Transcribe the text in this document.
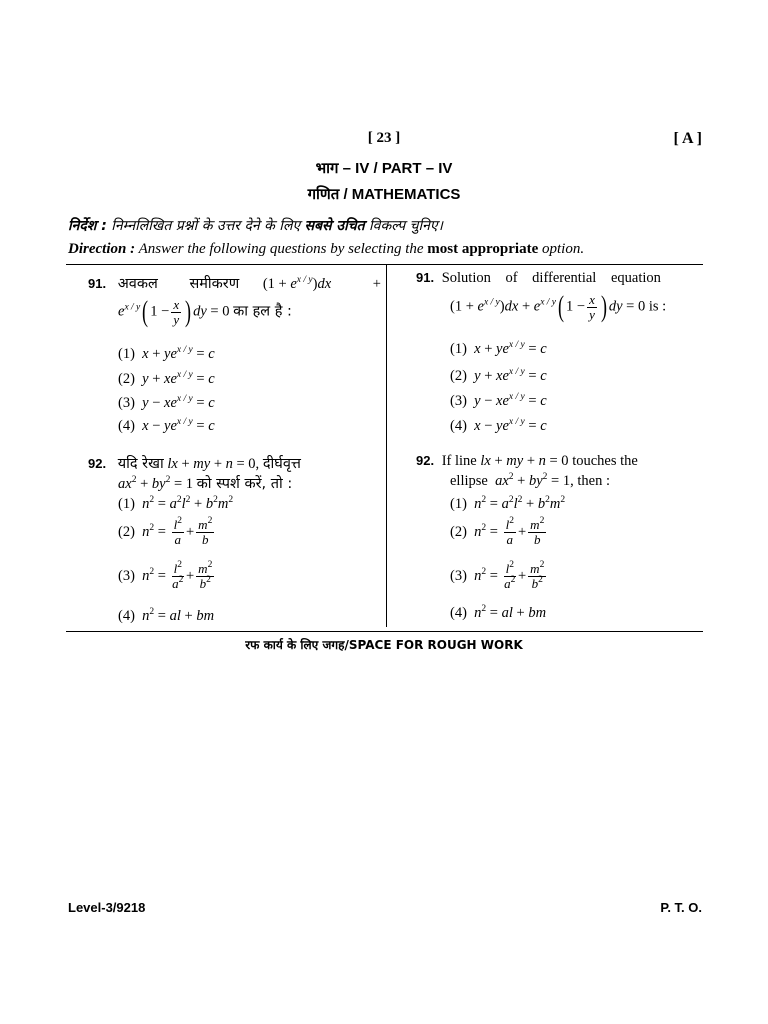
[ 23 ]	[ A ]
भाग – IV / PART – IV
गणित / MATHEMATICS
निर्देश : निम्नलिखित प्रश्नों के उत्तर देने के लिए सबसे उचित विकल्प चुनिए।
Direction : Answer the following questions by selecting the most appropriate option.
91. अवकल समीकरण $(1 + e^{x / y})dx$	+
$e^{x / y}$( $1 - \frac{x}{y}$ ) dy = 0 का हल है :
(1) $x + ye^{x / y} = c$
(2) $y + xe^{x / y} = c$
(3) $y - xe^{x / y} = c$
(4) $x - ye^{x / y} = c$
92. यदि रेखा lx + my + n = 0, दीर्घवृत्त
$ax^2 + by^2 = 1$ को स्पर्श करें, तो :
(1) $n^2 = a^2l^2 + b^2m^2$
(2) $n^2 = \frac{l^2}{a} + \frac{m^2}{b}$
(3) $n^2 = \frac{l^2}{a^2} + \frac{m^2}{b^2}$
(4) $n^2$ = al + bm
91. Solution of differential equation
$(1 + e^{x / y})dx + e^{x / y}$( $1 - \frac{x}{y}$ ) dy = 0 is :
(1) $x + ye^{x / y} = c$
(2) $y + xe^{x / y} = c$
(3) $y - xe^{x / y} = c$
(4) $x - ye^{x / y} = c$
92. If line lx + my + n = 0 touches the
ellipse $ax^2 + by^2 = 1$, then :
(1) $n^2 = a^2l^2 + b^2m^2$
(2) $n^2 = \frac{l^2}{a} + \frac{m^2}{b}$
(3) $n^2 = \frac{l^2}{a^2} + \frac{m^2}{b^2}$
(4) $n^2$ = al + bm
रफ कार्य के लिए जगह/SPACE FOR ROUGH WORK
Level-3/9218	P. T. O.
